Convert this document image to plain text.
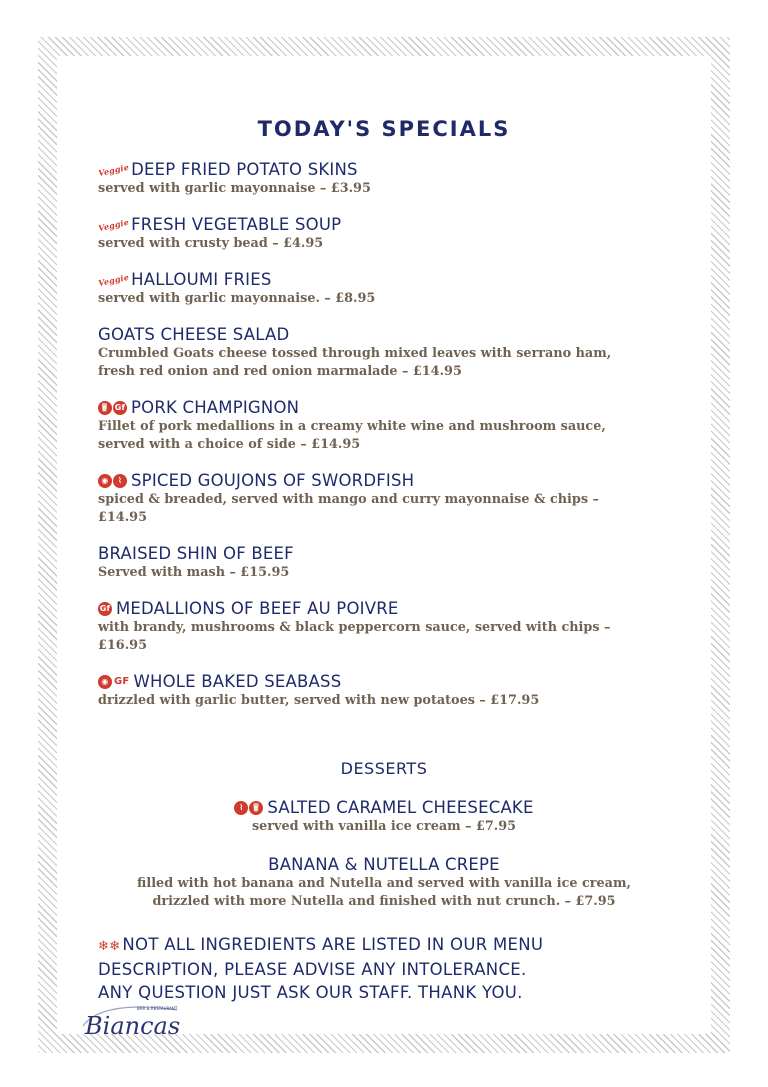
TODAY'S SPECIALS
Veggie DEEP FRIED POTATO SKINS
served with garlic mayonnaise – £3.95
Veggie FRESH VEGETABLE SOUP
served with crusty bead – £4.95
Veggie HALLOUMI FRIES
served with garlic mayonnaise. – £8.95
GOATS CHEESE SALAD
Crumbled Goats cheese tossed through mixed leaves with serrano ham,
fresh red onion and red onion marmalade – £14.95
🥛 Gf PORK CHAMPIGNON
Fillet of pork medallions in a creamy white wine and mushroom sauce,
served with a choice of side – £14.95
◉	⌇ SPICED GOUJONS OF SWORDFISH
spiced & breaded, served with mango and curry mayonnaise & chips –
£14.95
BRAISED SHIN OF BEEF
Served with mash – £15.95
Gf MEDALLIONS OF BEEF AU POIVRE
with brandy, mushrooms & black peppercorn sauce, served with chips –
£16.95
◉ GF WHOLE BAKED SEABASS
drizzled with garlic butter, served with new potatoes – £17.95
DESSERTS
⌇ 🥛 SALTED CARAMEL CHEESECAKE
served with vanilla ice cream – £7.95
BANANA & NUTELLA CREPE
filled with hot banana and Nutella and served with vanilla ice cream,
drizzled with more Nutella and finished with nut crunch. – £7.95
❄❄ NOT ALL INGREDIENTS ARE LISTED IN OUR MENU
DESCRIPTION, PLEASE ADVISE ANY INTOLERANCE.
ANY QUESTION JUST ASK OUR STAFF. THANK YOU.
Biancas
BAR & RESTAURANT
